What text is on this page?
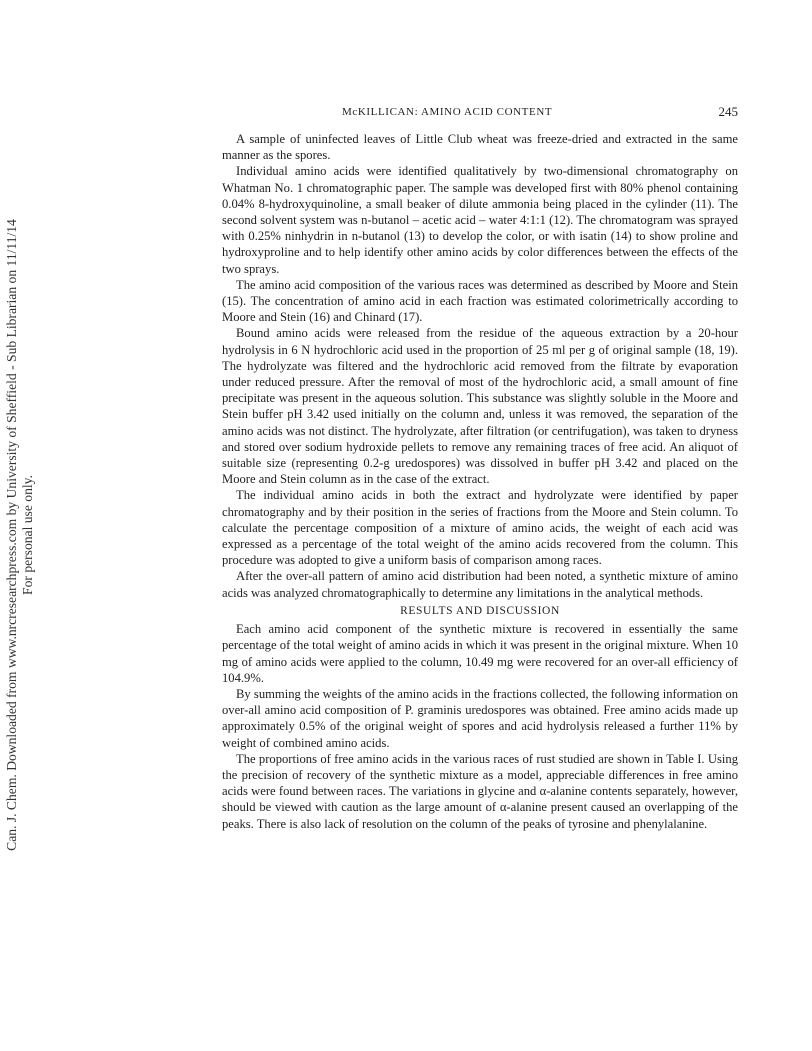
Can. J. Chem. Downloaded from www.nrcresearchpress.com by University of Sheffield - Sub Librarian on 11/11/14 For personal use only.
McKILLICAN: AMINO ACID CONTENT	245

A sample of uninfected leaves of Little Club wheat was freeze-dried and extracted in the same manner as the spores.

Individual amino acids were identified qualitatively by two-dimensional chromatography on Whatman No. 1 chromatographic paper. The sample was developed first with 80% phenol containing 0.04% 8-hydroxyquinoline, a small beaker of dilute ammonia being placed in the cylinder (11). The second solvent system was n-butanol – acetic acid – water 4:1:1 (12). The chromatogram was sprayed with 0.25% ninhydrin in n-butanol (13) to develop the color, or with isatin (14) to show proline and hydroxyproline and to help identify other amino acids by color differences between the effects of the two sprays.

The amino acid composition of the various races was determined as described by Moore and Stein (15). The concentration of amino acid in each fraction was estimated colorimetrically according to Moore and Stein (16) and Chinard (17).

Bound amino acids were released from the residue of the aqueous extraction by a 20-hour hydrolysis in 6 N hydrochloric acid used in the proportion of 25 ml per g of original sample (18, 19). The hydrolyzate was filtered and the hydrochloric acid removed from the filtrate by evaporation under reduced pressure. After the removal of most of the hydrochloric acid, a small amount of fine precipitate was present in the aqueous solution. This substance was slightly soluble in the Moore and Stein buffer pH 3.42 used initially on the column and, unless it was removed, the separation of the amino acids was not distinct. The hydrolyzate, after filtration (or centrifugation), was taken to dryness and stored over sodium hydroxide pellets to remove any remaining traces of free acid. An aliquot of suitable size (representing 0.2-g uredospores) was dissolved in buffer pH 3.42 and placed on the Moore and Stein column as in the case of the extract.

The individual amino acids in both the extract and hydrolyzate were identified by paper chromatography and by their position in the series of fractions from the Moore and Stein column. To calculate the percentage composition of a mixture of amino acids, the weight of each acid was expressed as a percentage of the total weight of the amino acids recovered from the column. This procedure was adopted to give a uniform basis of comparison among races.

After the over-all pattern of amino acid distribution had been noted, a synthetic mixture of amino acids was analyzed chromatographically to determine any limitations in the analytical methods.

RESULTS AND DISCUSSION

Each amino acid component of the synthetic mixture is recovered in essentially the same percentage of the total weight of amino acids in which it was present in the original mixture. When 10 mg of amino acids were applied to the column, 10.49 mg were recovered for an over-all efficiency of 104.9%.

By summing the weights of the amino acids in the fractions collected, the following information on over-all amino acid composition of P. graminis uredospores was obtained. Free amino acids made up approximately 0.5% of the original weight of spores and acid hydrolysis released a further 11% by weight of combined amino acids.

The proportions of free amino acids in the various races of rust studied are shown in Table I. Using the precision of recovery of the synthetic mixture as a model, appreciable differences in free amino acids were found between races. The variations in glycine and α-alanine contents separately, however, should be viewed with caution as the large amount of α-alanine present caused an overlapping of the peaks. There is also lack of resolution on the column of the peaks of tyrosine and phenylalanine.
